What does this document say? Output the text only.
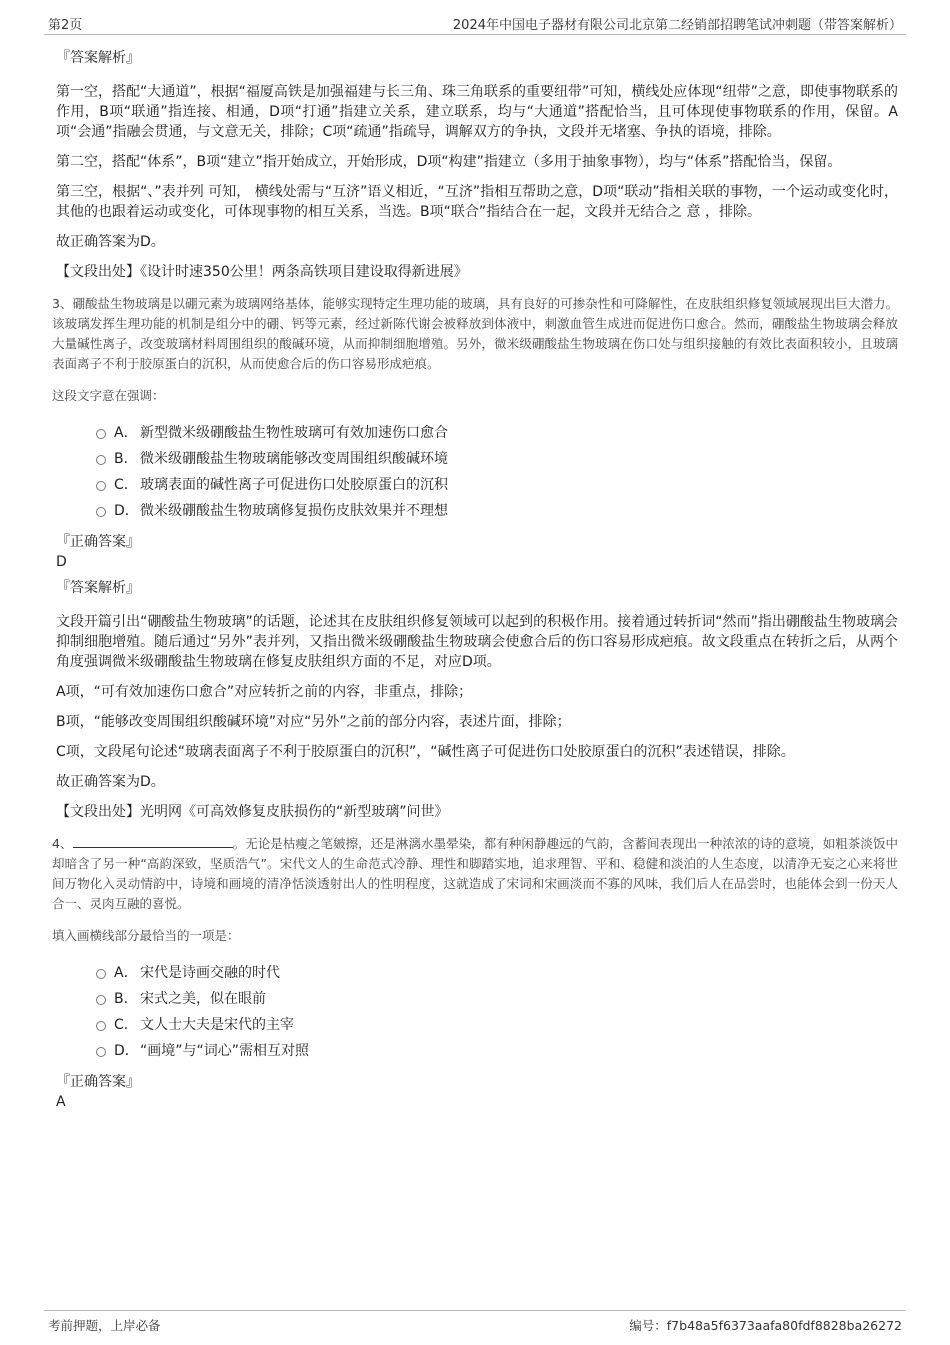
第2页	2024年中国电子器材有限公司北京第二经销部招聘笔试冲刺题（带答案解析）
『答案解析』

第一空，搭配“大通道”，根据“福厦高铁是加强福建与长三角、珠三角联系的重要纽带”可知，横线处应体现“纽带”之意，即使事物联系的作用，B项“联通”指连接、相通，D项“打通”指建立关系，建立联系，均与“大通道”搭配恰当，且可体现使事物联系的作用，保留。A项“会通”指融会贯通，与文意无关，排除；C项“疏通”指疏导，调解双方的争执，文段并无堵塞、争执的语境，排除。

第二空，搭配“体系”，B项“建立”指开始成立，开始形成，D项“构建”指建立（多用于抽象事物），均与“体系”搭配恰当，保留。

第三空，根据“、”表并列 可知， 横线处需与“互济”语义相近，“互济”指相互帮助之意，D项“联动”指相关联的事物，一个运动或变化时，其他的也跟着运动或变化，可体现事物的相互关系，当选。B项“联合”指结合在一起，文段并无结合之 意 ，排除。

故正确答案为D。

【文段出处】《设计时速350公里！两条高铁项目建设取得新进展》

3、硼酸盐生物玻璃是以硼元素为玻璃网络基体，能够实现特定生理功能的玻璃，具有良好的可掺杂性和可降解性，在皮肤组织修复领域展现出巨大潜力。该玻璃发挥生理功能的机制是组分中的硼、钙等元素，经过新陈代谢会被释放到体液中，刺激血管生成进而促进伤口愈合。然而，硼酸盐生物玻璃会释放大量碱性离子，改变玻璃材料周围组织的酸碱环境，从而抑制细胞增殖。另外，微米级硼酸盐生物玻璃在伤口处与组织接触的有效比表面积较小，且玻璃表面离子不利于胶原蛋白的沉积，从而使愈合后的伤口容易形成疤痕。
这段文字意在强调：
A． 新型微米级硼酸盐生物性玻璃可有效加速伤口愈合
B． 微米级硼酸盐生物玻璃能够改变周围组织酸碱环境
C． 玻璃表面的碱性离子可促进伤口处胶原蛋白的沉积
D．微米级硼酸盐生物玻璃修复损伤皮肤效果并不理想
『正确答案』
D
『答案解析』

文段开篇引出“硼酸盐生物玻璃”的话题，论述其在皮肤组织修复领域可以起到的积极作用。接着通过转折词“然而”指出硼酸盐生物玻璃会抑制细胞增殖。随后通过“另外”表并列，又指出微米级硼酸盐生物玻璃会使愈合后的伤口容易形成疤痕。故文段重点在转折之后，从两个角度强调微米级硼酸盐生物玻璃在修复皮肤组织方面的不足，对应D项。

A项，“可有效加速伤口愈合”对应转折之前的内容，非重点，排除；

B项，“能够改变周围组织酸碱环境”对应“另外”之前的部分内容，表述片面，排除；

C项，文段尾句论述“玻璃表面离子不利于胶原蛋白的沉积”，“碱性离子可促进伤口处胶原蛋白的沉积”表述错误，排除。

故正确答案为D。

【文段出处】光明网《可高效修复皮肤损伤的“新型玻璃”问世》

4、	。无论是枯瘦之笔皴擦，还是淋漓水墨晕染，都有种闲静趣远的气韵，含蓄间表现出一种浓浓的诗的意境，如粗茶淡饭中却暗含了另一种“高韵深致，坚质浩气”。宋代文人的生命范式冷静、理性和脚踏实地，追求理智、平和、稳健和淡泊的人生态度，以清净无妄之心来将世间万物化入灵动情韵中，诗境和画境的清净恬淡透射出人的性明程度，这就造成了宋词和宋画淡而不寡的风味，我们后人在品尝时，也能体会到一份天人合一、灵肉互融的喜悦。
填入画横线部分最恰当的一项是：
A． 宋代是诗画交融的时代
B． 宋式之美，似在眼前
C． 文人士大夫是宋代的主宰
D．“画境”与“词心”需相互对照
『正确答案』
A
考前押题，上岸必备	编号：f7b48a5f6373aafa80fdf8828ba26272
